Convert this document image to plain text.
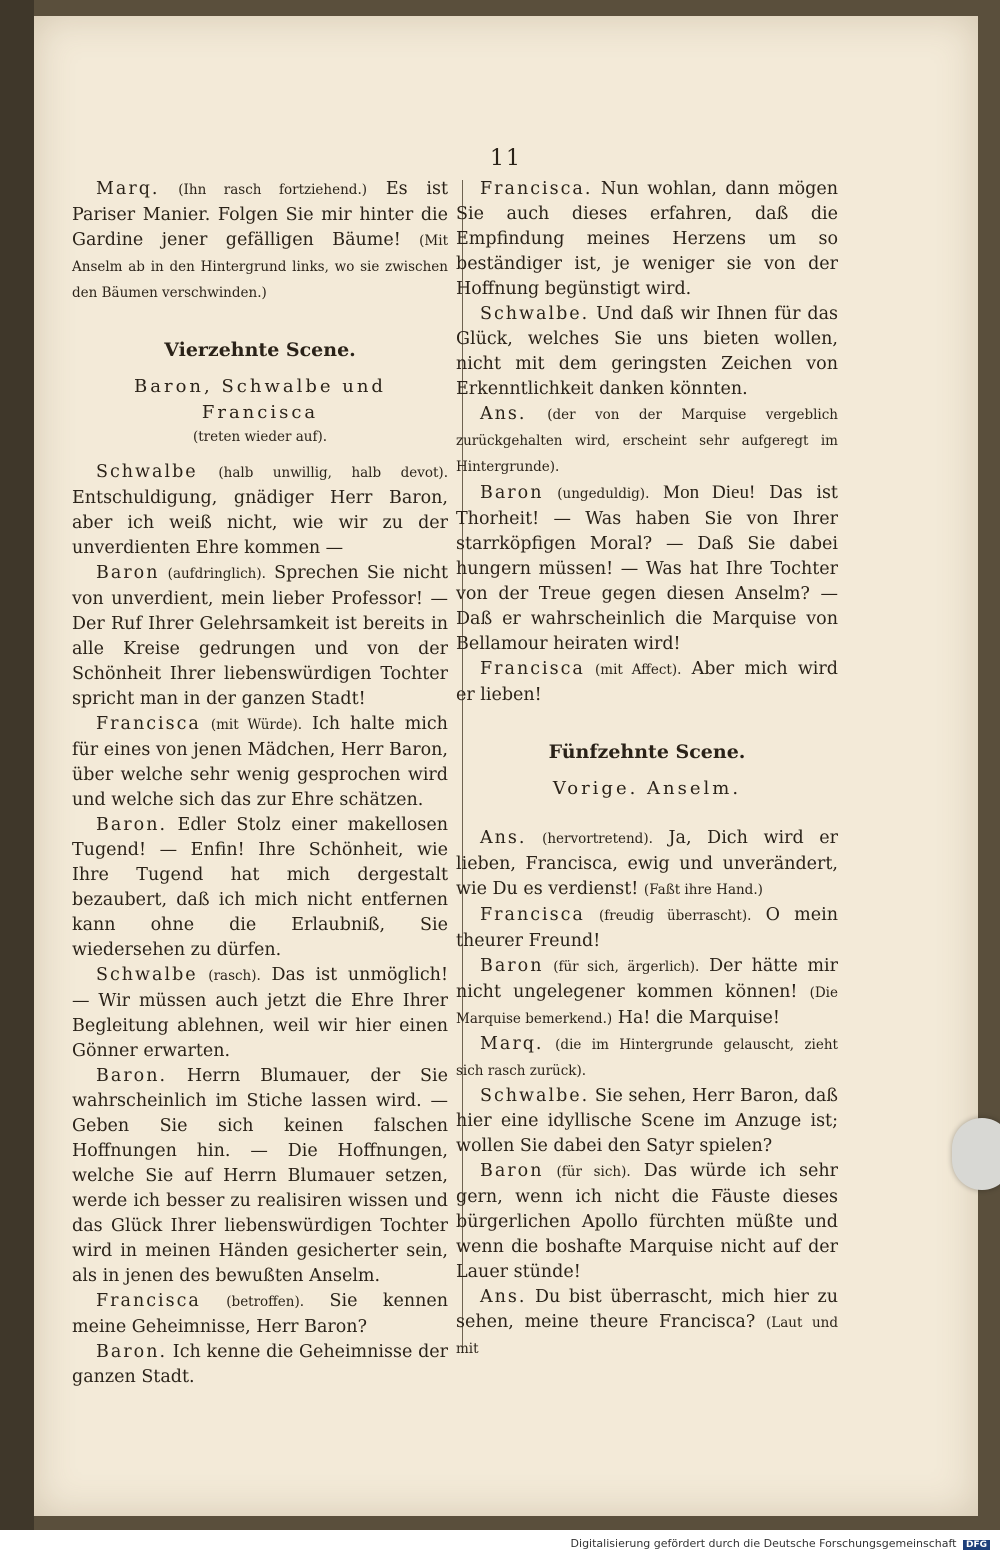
11

Marq. (Ihn rasch fortziehend.) Es ist Pariser Manier. Folgen Sie mir hinter die Gardine jener gefälligen Bäume! (Mit Anselm ab in den Hintergrund links, wo sie zwischen den Bäumen verschwinden.)

Vierzehnte Scene.
Baron, Schwalbe und Francisca
(treten wieder auf).

Schwalbe (halb unwillig, halb devot). Entschuldigung, gnädiger Herr Baron, aber ich weiß nicht, wie wir zu der unverdienten Ehre kommen —

Baron (aufdringlich). Sprechen Sie nicht von unverdient, mein lieber Professor! — Der Ruf Ihrer Gelehrsamkeit ist bereits in alle Kreise gedrungen und von der Schönheit Ihrer liebenswürdigen Tochter spricht man in der ganzen Stadt!

Francisca (mit Würde). Ich halte mich für eines von jenen Mädchen, Herr Baron, über welche sehr wenig gesprochen wird und welche sich das zur Ehre schätzen.

Baron. Edler Stolz einer makellosen Tugend! — Enfin! Ihre Schönheit, wie Ihre Tugend hat mich dergestalt bezaubert, daß ich mich nicht entfernen kann ohne die Erlaubniß, Sie wiedersehen zu dürfen.

Schwalbe (rasch). Das ist unmöglich! — Wir müssen auch jetzt die Ehre Ihrer Begleitung ablehnen, weil wir hier einen Gönner erwarten.

Baron. Herrn Blumauer, der Sie wahrscheinlich im Stiche lassen wird. — Geben Sie sich keinen falschen Hoffnungen hin. — Die Hoffnungen, welche Sie auf Herrn Blumauer setzen, werde ich besser zu realisiren wissen und das Glück Ihrer liebenswürdigen Tochter wird in meinen Händen gesicherter sein, als in jenen des bewußten Anselm.

Francisca (betroffen). Sie kennen meine Geheimnisse, Herr Baron?

Baron. Ich kenne die Geheimnisse der ganzen Stadt.

Francisca. Nun wohlan, dann mögen Sie auch dieses erfahren, daß die Empfindung meines Herzens um so beständiger ist, je weniger sie von der Hoffnung begünstigt wird.

Schwalbe. Und daß wir Ihnen für das Glück, welches Sie uns bieten wollen, nicht mit dem geringsten Zeichen von Erkenntlichkeit danken könnten.

Ans. (der von der Marquise vergeblich zurückgehalten wird, erscheint sehr aufgeregt im Hintergrunde).

Baron (ungeduldig). Mon Dieu! Das ist Thorheit! — Was haben Sie von Ihrer starrköpfigen Moral? — Daß Sie dabei hungern müssen! — Was hat Ihre Tochter von der Treue gegen diesen Anselm? — Daß er wahrscheinlich die Marquise von Bellamour heiraten wird!

Francisca (mit Affect). Aber mich wird er lieben!

Fünfzehnte Scene.
Vorige. Anselm.

Ans. (hervortretend). Ja, Dich wird er lieben, Francisca, ewig und unverändert, wie Du es verdienst! (Faßt ihre Hand.)

Francisca (freudig überrascht). O mein theurer Freund!

Baron (für sich, ärgerlich). Der hätte mir nicht ungelegener kommen können! (Die Marquise bemerkend.) Ha! die Marquise!

Marq. (die im Hintergrunde gelauscht, zieht sich rasch zurück).

Schwalbe. Sie sehen, Herr Baron, daß hier eine idyllische Scene im Anzuge ist; wollen Sie dabei den Satyr spielen?

Baron (für sich). Das würde ich sehr gern, wenn ich nicht die Fäuste dieses bürgerlichen Apollo fürchten müßte und wenn die boshafte Marquise nicht auf der Lauer stünde!

Ans. Du bist überrascht, mich hier zu sehen, meine theure Francisca? (Laut und mit

Digitalisierung gefördert durch die Deutsche Forschungsgemeinschaft DFG
